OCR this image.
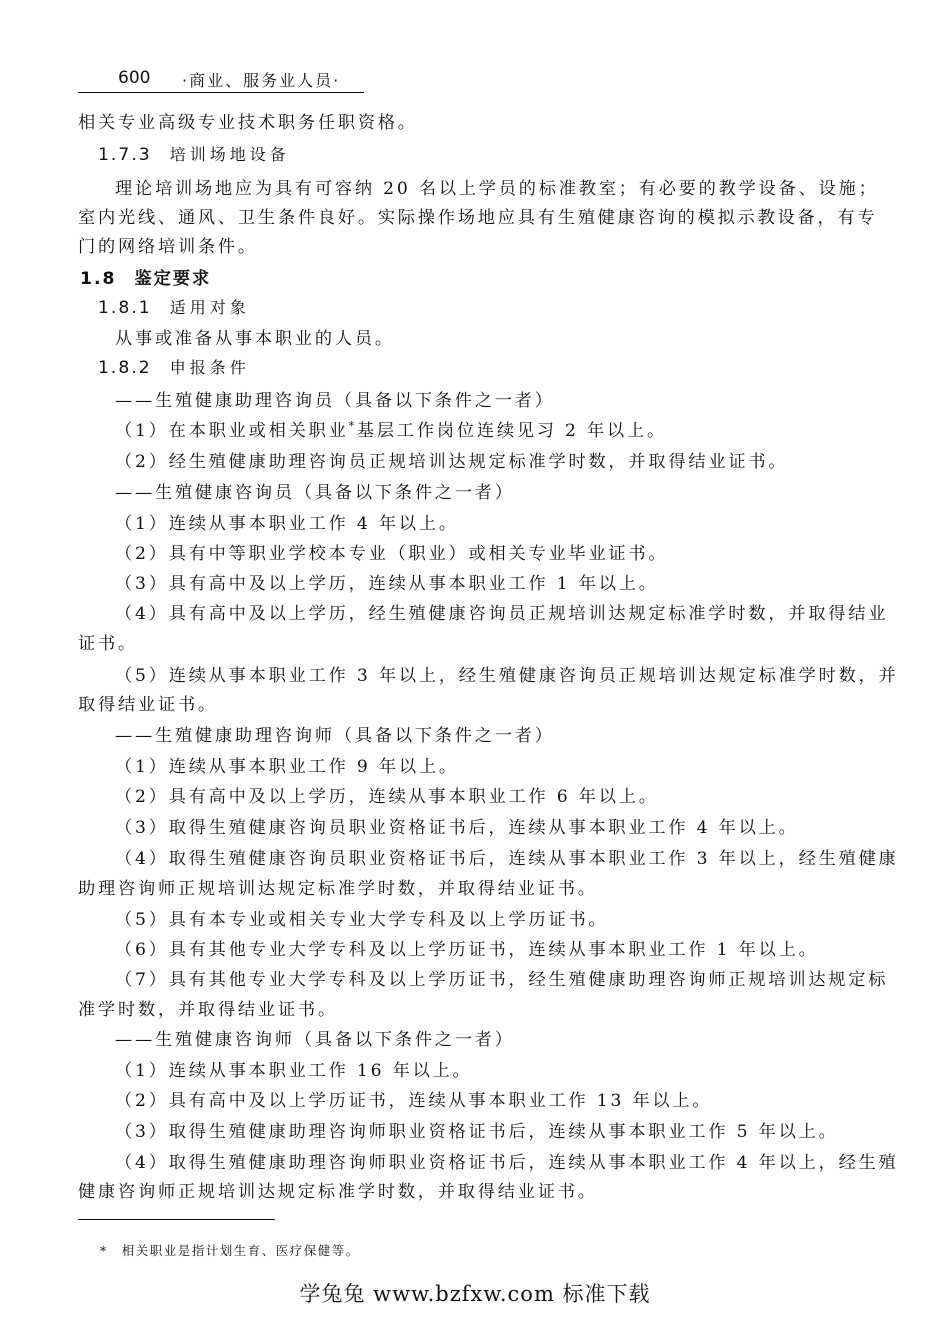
600 ·商业、服务业人员·
相关专业高级专业技术职务任职资格。
1.7.3 培训场地设备
理论培训场地应为具有可容纳 20 名以上学员的标准教室；有必要的教学设备、设施；
室内光线、通风、卫生条件良好。实际操作场地应具有生殖健康咨询的模拟示教设备，有专
门的网络培训条件。
1.8 鉴定要求
1.8.1 适用对象
从事或准备从事本职业的人员。
1.8.2 申报条件
——生殖健康助理咨询员（具备以下条件之一者）
（1）在本职业或相关职业*基层工作岗位连续见习 2 年以上。
（2）经生殖健康助理咨询员正规培训达规定标准学时数，并取得结业证书。
——生殖健康咨询员（具备以下条件之一者）
（1）连续从事本职业工作 4 年以上。
（2）具有中等职业学校本专业（职业）或相关专业毕业证书。
（3）具有高中及以上学历，连续从事本职业工作 1 年以上。
（4）具有高中及以上学历，经生殖健康咨询员正规培训达规定标准学时数，并取得结业
证书。
（5）连续从事本职业工作 3 年以上，经生殖健康咨询员正规培训达规定标准学时数，并
取得结业证书。
——生殖健康助理咨询师（具备以下条件之一者）
（1）连续从事本职业工作 9 年以上。
（2）具有高中及以上学历，连续从事本职业工作 6 年以上。
（3）取得生殖健康咨询员职业资格证书后，连续从事本职业工作 4 年以上。
（4）取得生殖健康咨询员职业资格证书后，连续从事本职业工作 3 年以上，经生殖健康
助理咨询师正规培训达规定标准学时数，并取得结业证书。
（5）具有本专业或相关专业大学专科及以上学历证书。
（6）具有其他专业大学专科及以上学历证书，连续从事本职业工作 1 年以上。
（7）具有其他专业大学专科及以上学历证书，经生殖健康助理咨询师正规培训达规定标
准学时数，并取得结业证书。
——生殖健康咨询师（具备以下条件之一者）
（1）连续从事本职业工作 16 年以上。
（2）具有高中及以上学历证书，连续从事本职业工作 13 年以上。
（3）取得生殖健康助理咨询师职业资格证书后，连续从事本职业工作 5 年以上。
（4）取得生殖健康助理咨询师职业资格证书后，连续从事本职业工作 4 年以上，经生殖
健康咨询师正规培训达规定标准学时数，并取得结业证书。
* 相关职业是指计划生育、医疗保健等。
学兔兔 www.bzfxw.com 标准下载
